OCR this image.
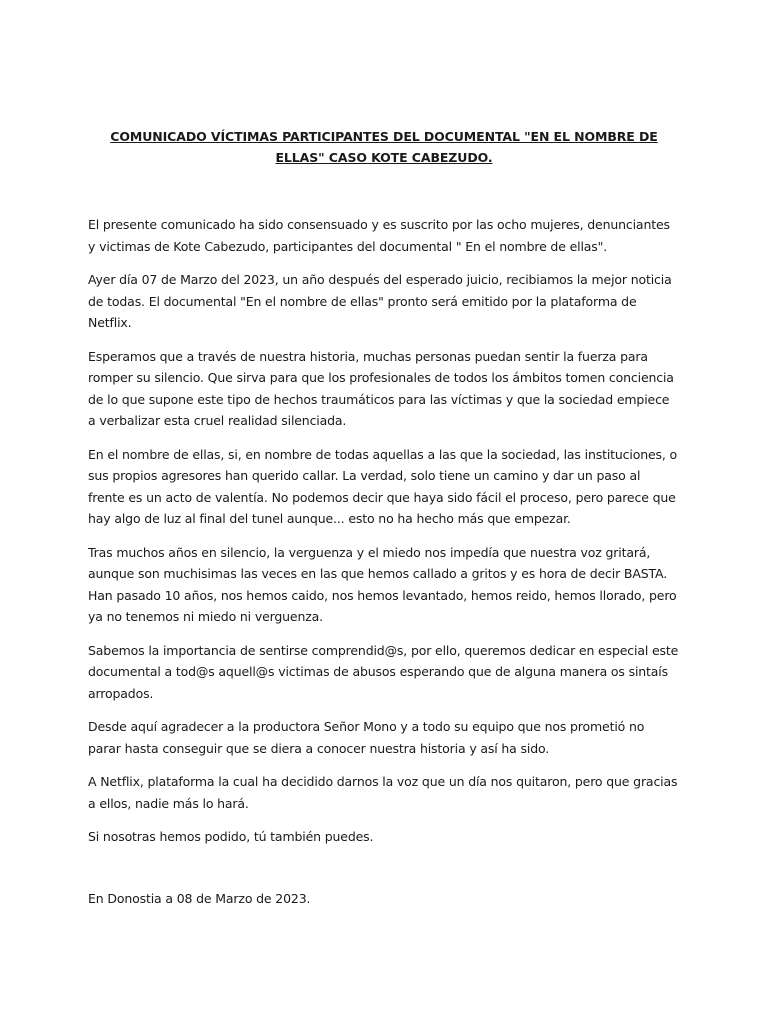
COMUNICADO VÍCTIMAS PARTICIPANTES DEL DOCUMENTAL "EN EL NOMBRE DE ELLAS" CASO KOTE CABEZUDO.
El presente comunicado ha sido consensuado y es suscrito por las ocho mujeres, denunciantes y victimas de Kote Cabezudo, participantes del documental " En el nombre de ellas".
Ayer día 07 de Marzo del 2023, un año después del esperado juicio, recibiamos la mejor noticia de todas. El documental "En el nombre de ellas" pronto será emitido por la plataforma de Netflix.
Esperamos que a través de nuestra historia, muchas personas puedan sentir la fuerza para romper su silencio. Que sirva para que los profesionales de todos los ámbitos tomen conciencia de lo que supone este tipo de hechos traumáticos para las víctimas y que la sociedad empiece a verbalizar esta cruel realidad silenciada.
En el nombre de ellas, si, en nombre de todas aquellas a las que la sociedad, las instituciones, o sus propios agresores han querido callar. La verdad, solo tiene un camino y dar un paso al frente es un acto de valentía. No podemos decir que haya sido fácil el proceso, pero parece que hay algo de luz al final del tunel aunque... esto no ha hecho más que empezar.
Tras muchos años en silencio, la verguenza y el miedo nos impedía que nuestra voz gritará, aunque son muchisimas las veces en las que hemos callado a gritos y es hora de decir BASTA. Han pasado 10 años, nos hemos caido, nos hemos levantado, hemos reido, hemos llorado, pero ya no tenemos ni miedo ni verguenza.
Sabemos la importancia de sentirse comprendid@s, por ello, queremos dedicar en especial este documental a tod@s aquell@s victimas de abusos esperando que de alguna manera os sintaís arropados.
Desde aquí agradecer a la productora Señor Mono y a todo su equipo que nos prometió no parar hasta conseguir que se diera a conocer nuestra historia y así ha sido.
A Netflix, plataforma la cual ha decidido darnos la voz que un día nos quitaron, pero que gracias a ellos, nadie más lo hará.
Si nosotras hemos podido, tú también puedes.
En Donostia a 08 de Marzo de 2023.
